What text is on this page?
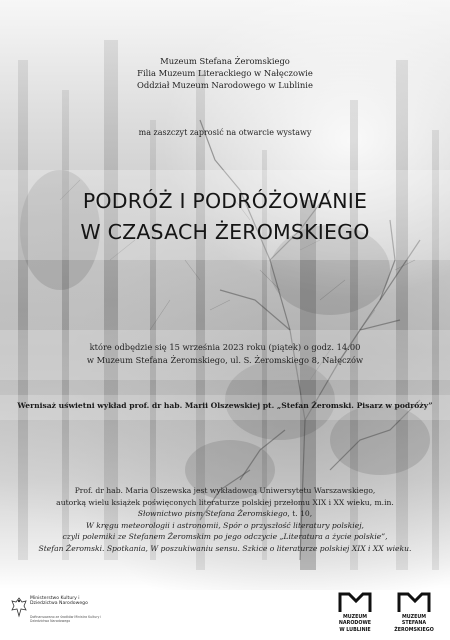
Muzeum Stefana Żeromskiego
Filia Muzeum Literackiego w Nałęczowie
Oddział Muzeum Narodowego w Lublinie
ma zaszczyt zaprosić na otwarcie wystawy
PODRÓŻ I PODRÓŻOWANIE
W CZASACH ŻEROMSKIEGO
które odbędzie się 15 września 2023 roku (piątek) o godz. 14.00
w Muzeum Stefana Żeromskiego, ul. S. Żeromskiego 8, Nałęczów
Wernisaż uświetni wykład prof. dr hab. Marii Olszewskiej pt. „Stefan Żeromski. Pisarz w podróży”
Prof. dr hab. Maria Olszewska jest wykładowcą Uniwersytetu Warszawskiego,
autorką wielu książek poświęconych literaturze polskiej przełomu XIX i XX wieku, m.in.
Słownictwo pism Stefana Żeromskiego, t. 10,
W kręgu meteorologii i astronomii, Spór o przyszłość literatury polskiej,
czyli polemiki ze Stefanem Żeromskim po jego odczycie „Literatura a życie polskie”,
Stefan Żeromski. Spotkania, W poszukiwaniu sensu. Szkice o literaturze polskiej XIX i XX wieku.
Ministerstwo Kultury i Dziedzictwa Narodowego
Dofinansowano ze środków Ministra Kultury i Dziedzictwa Narodowego
MUZEUM
NARODOWE
W LUBLINIE
MUZEUM
STEFANA
ŻEROMSKIEGO
